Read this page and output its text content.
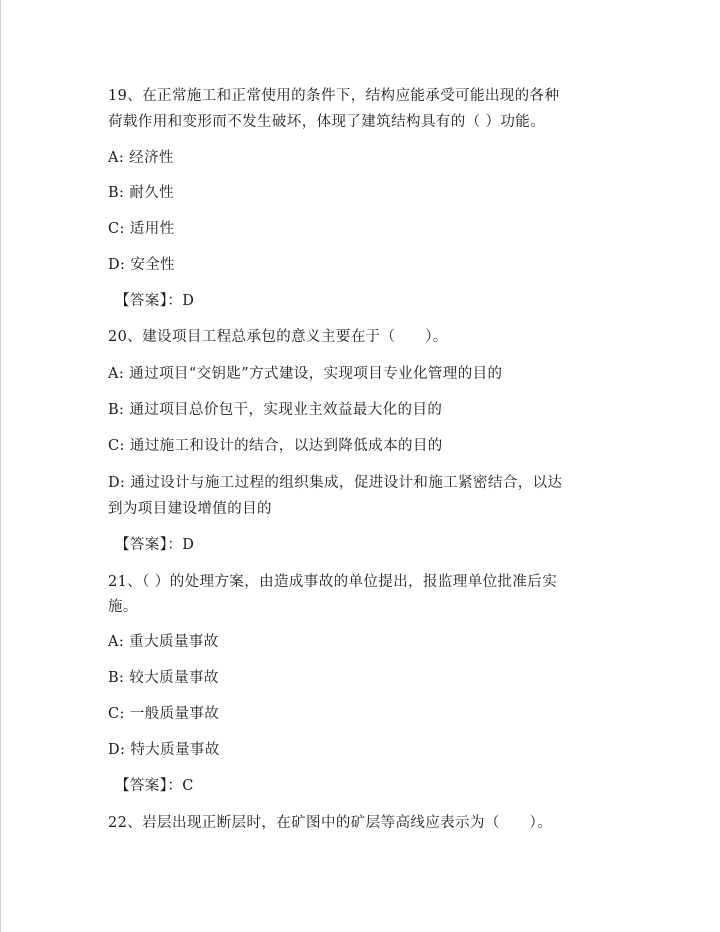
19、在正常施工和正常使用的条件下，结构应能承受可能出现的各种
荷载作用和变形而不发生破坏，体现了建筑结构具有的（ ）功能。
A: 经济性
B: 耐久性
C: 适用性
D: 安全性
【答案】：D
20、建设项目工程总承包的意义主要在于（　　）。
A: 通过项目“交钥匙”方式建设，实现项目专业化管理的目的
B: 通过项目总价包干，实现业主效益最大化的目的
C: 通过施工和设计的结合，以达到降低成本的目的
D: 通过设计与施工过程的组织集成，促进设计和施工紧密结合，以达
到为项目建设增值的目的
【答案】：D
21、（ ）的处理方案，由造成事故的单位提出，报监理单位批准后实
施。
A: 重大质量事故
B: 较大质量事故
C: 一般质量事故
D: 特大质量事故
【答案】：C
22、岩层出现正断层时，在矿图中的矿层等高线应表示为（　　）。
